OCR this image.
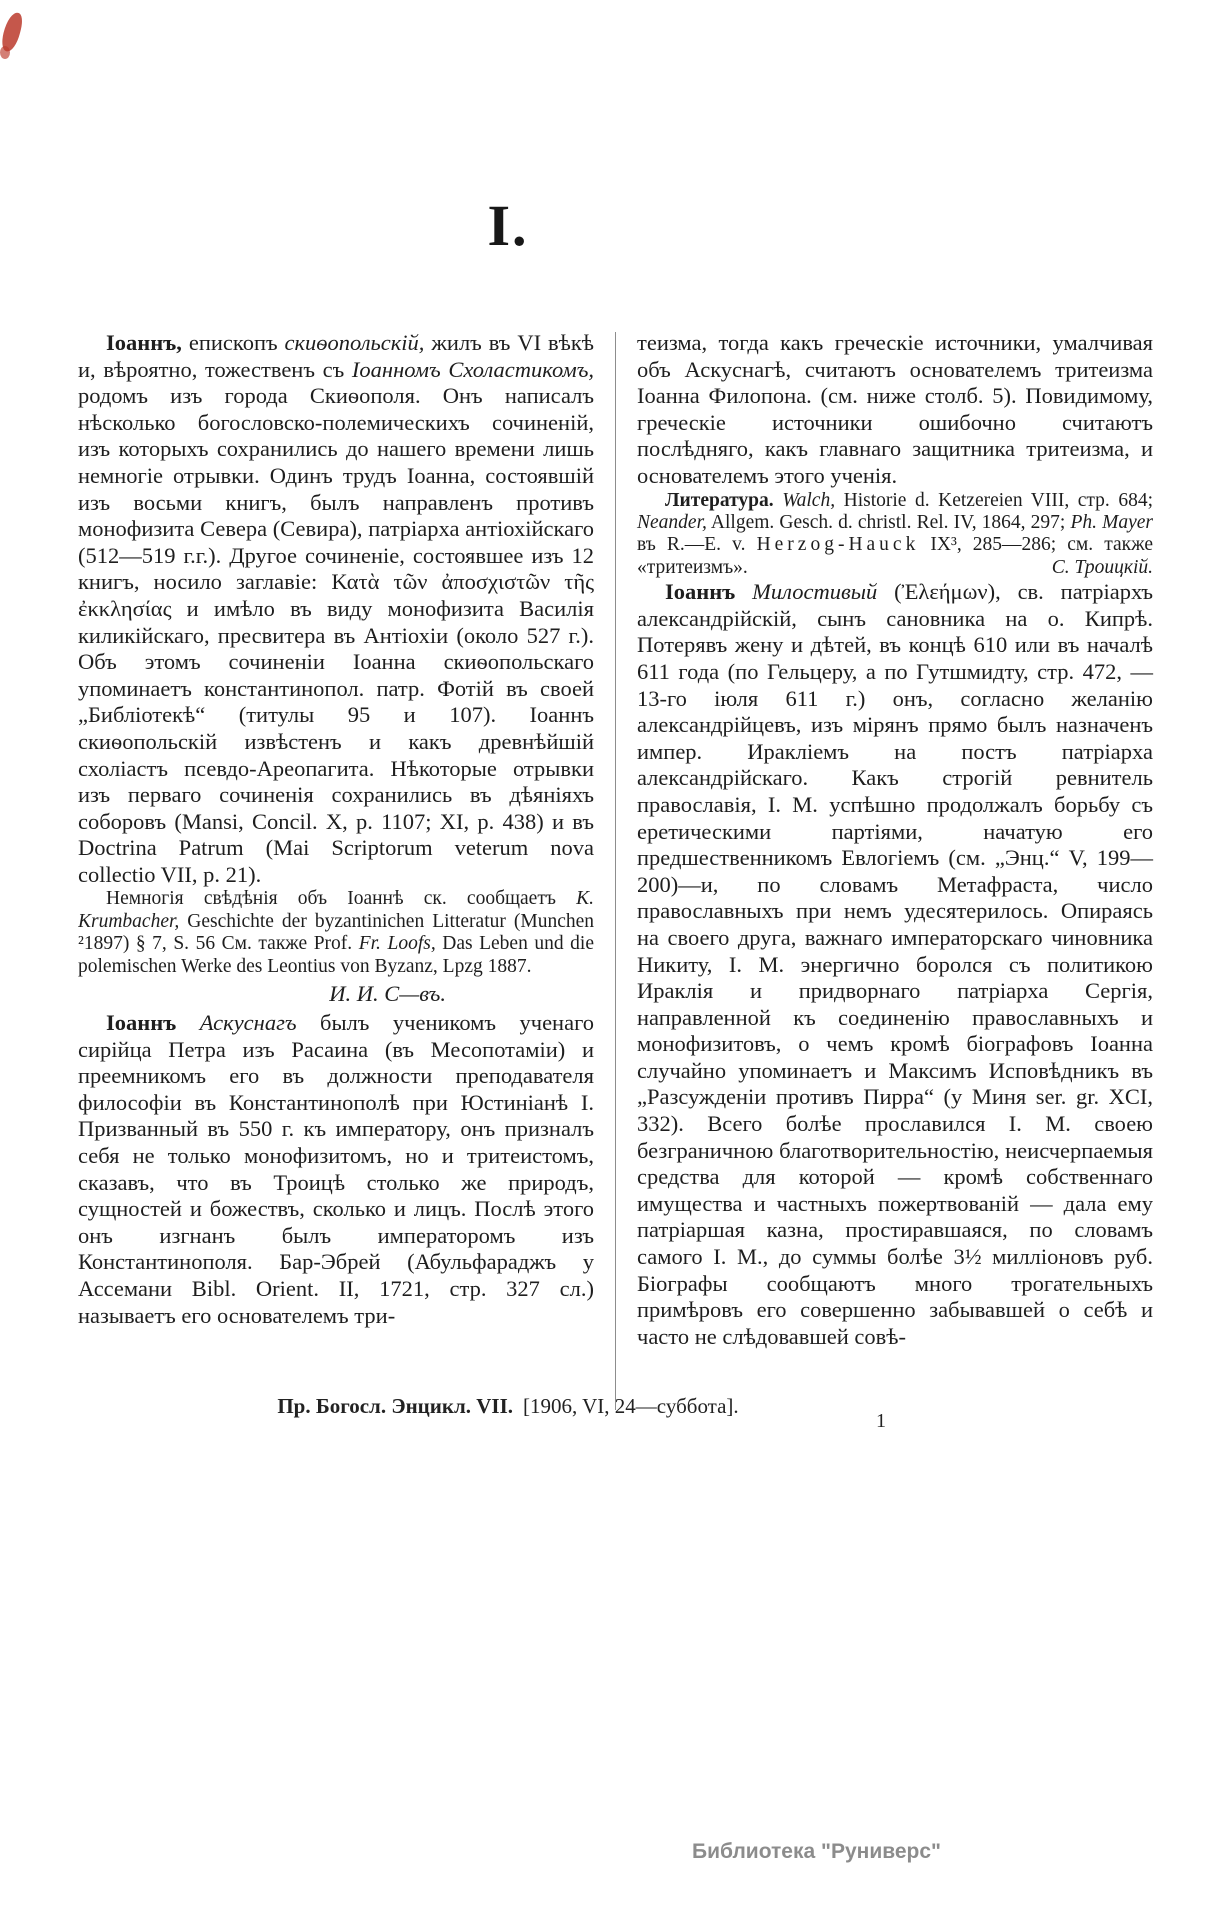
І.

Іоаннъ, епископъ скиѳопольскій, жилъ въ VI вѣкѣ и, вѣроятно, тожественъ съ Іоанномъ Схоластикомъ, родомъ изъ города Скиѳополя. Онъ написалъ нѣсколько богословско-полемическихъ сочиненій, изъ которыхъ сохранились до нашего времени лишь немногіе отрывки. Одинъ трудъ Іоанна, состоявшій изъ восьми книгъ, былъ направленъ противъ монофизита Севера (Севира), патріарха антіохійскаго (512—519 г.г.). Другое сочиненіе, состоявшее изъ 12 книгъ, носило заглавіе: Κατὰ τῶν ἀποσχιστῶν τῆς ἐκκλησίας и имѣло въ виду монофизита Василія киликійскаго, пресвитера въ Антіохіи (около 527 г.). Объ этомъ сочиненіи Іоанна скиѳопольскаго упоминаетъ константинопол. патр. Фотій въ своей „Библіотекѣ“ (титулы 95 и 107). Іоаннъ скиѳопольскій извѣстенъ и какъ древнѣйшій схоліастъ псевдо-Ареопагита. Нѣкоторые отрывки изъ перваго сочиненія сохранились въ дѣяніяхъ соборовъ (Mansi, Concil. X, p. 1107; XI, p. 438) и въ Doctrina Patrum (Mai Scriptorum veterum nova collectio VII, p. 21).

Немногія свѣдѣнія объ Іоаннѣ ск. сообщаетъ K. Krumbacher, Geschichte der byzantinichen Litteratur (Munchen ²1897) § 7, S. 56 См. также Prof. Fr. Loofs, Das Leben und die polemischen Werke des Leontius von Byzanz, Lpzg 1887.

И. И. С—въ.

Іоаннъ Аскуснагъ былъ ученикомъ ученаго сирійца Петра изъ Расаина (въ Месопотаміи) и преемникомъ его въ должности преподавателя философіи въ Константинополѣ при Юстиніанѣ I. Призванный въ 550 г. къ императору, онъ призналъ себя не только монофизитомъ, но и тритеистомъ, сказавъ, что въ Троицѣ столько же природъ, сущностей и божествъ, сколько и лицъ. Послѣ этого онъ изгнанъ былъ императоромъ изъ Константинополя. Бар-Эбрей (Абульфараджъ у Ассемани Bibl. Orient. II, 1721, стр. 327 сл.) называетъ его основателемъ три-

теизма, тогда какъ греческіе источники, умалчивая объ Аскуснагѣ, считаютъ основателемъ тритеизма Іоанна Филопона. (см. ниже столб. 5). Повидимому, греческіе источники ошибочно считаютъ послѣдняго, какъ главнаго защитника тритеизма, и основателемъ этого ученія.

Литература. Walch, Historie d. Ketzereien VIII, стр. 684; Neander, Allgem. Gesch. d. christl. Rel. IV, 1864, 297; Ph. Mayer въ R.—E. v. Herzog-Hauck IX³, 285—286; см. также «тритеизмъ».	С. Троицкій.

Іоаннъ Милостивый (Ἐλεήμων), св. патріархъ александрійскій, сынъ сановника на о. Кипрѣ. Потерявъ жену и дѣтей, въ концѣ 610 или въ началѣ 611 года (по Гельцеру, а по Гутшмидту, стр. 472, — 13-го іюля 611 г.) онъ, согласно желанію александрійцевъ, изъ мірянъ прямо былъ назначенъ импер. Иракліемъ на постъ патріарха александрійскаго. Какъ строгій ревнитель православія, І. М. успѣшно продолжалъ борьбу съ еретическими партіями, начатую его предшественникомъ Евлогіемъ (см. „Энц.“ V, 199—200)—и, по словамъ Метафраста, число православныхъ при немъ удесятерилось. Опираясь на своего друга, важнаго императорскаго чиновника Никиту, І. М. энергично боролся съ политикою Ираклія и придворнаго патріарха Сергія, направленной къ соединенію православныхъ и монофизитовъ, о чемъ кромѣ біографовъ Іоанна случайно упоминаетъ и Максимъ Исповѣдникъ въ „Разсужденіи противъ Пирра“ (у Миня ser. gr. XCI, 332). Всего болѣе прославился І. М. своею безграничною благотворительностію, неисчерпаемыя средства для которой — кромѣ собственнаго имущества и частныхъ пожертвованій — дала ему патріаршая казна, простиравшаяся, по словамъ самого І. М., до суммы болѣе 3½ милліоновъ руб. Біографы сообщаютъ много трогательныхъ примѣровъ его совершенно забывавшей о себѣ и часто не слѣдовавшей совѣ-

Пр. Богосл. Энцикл. VII. [1906, VI, 24—суббота].
1
Библиотека "Руниверс"
